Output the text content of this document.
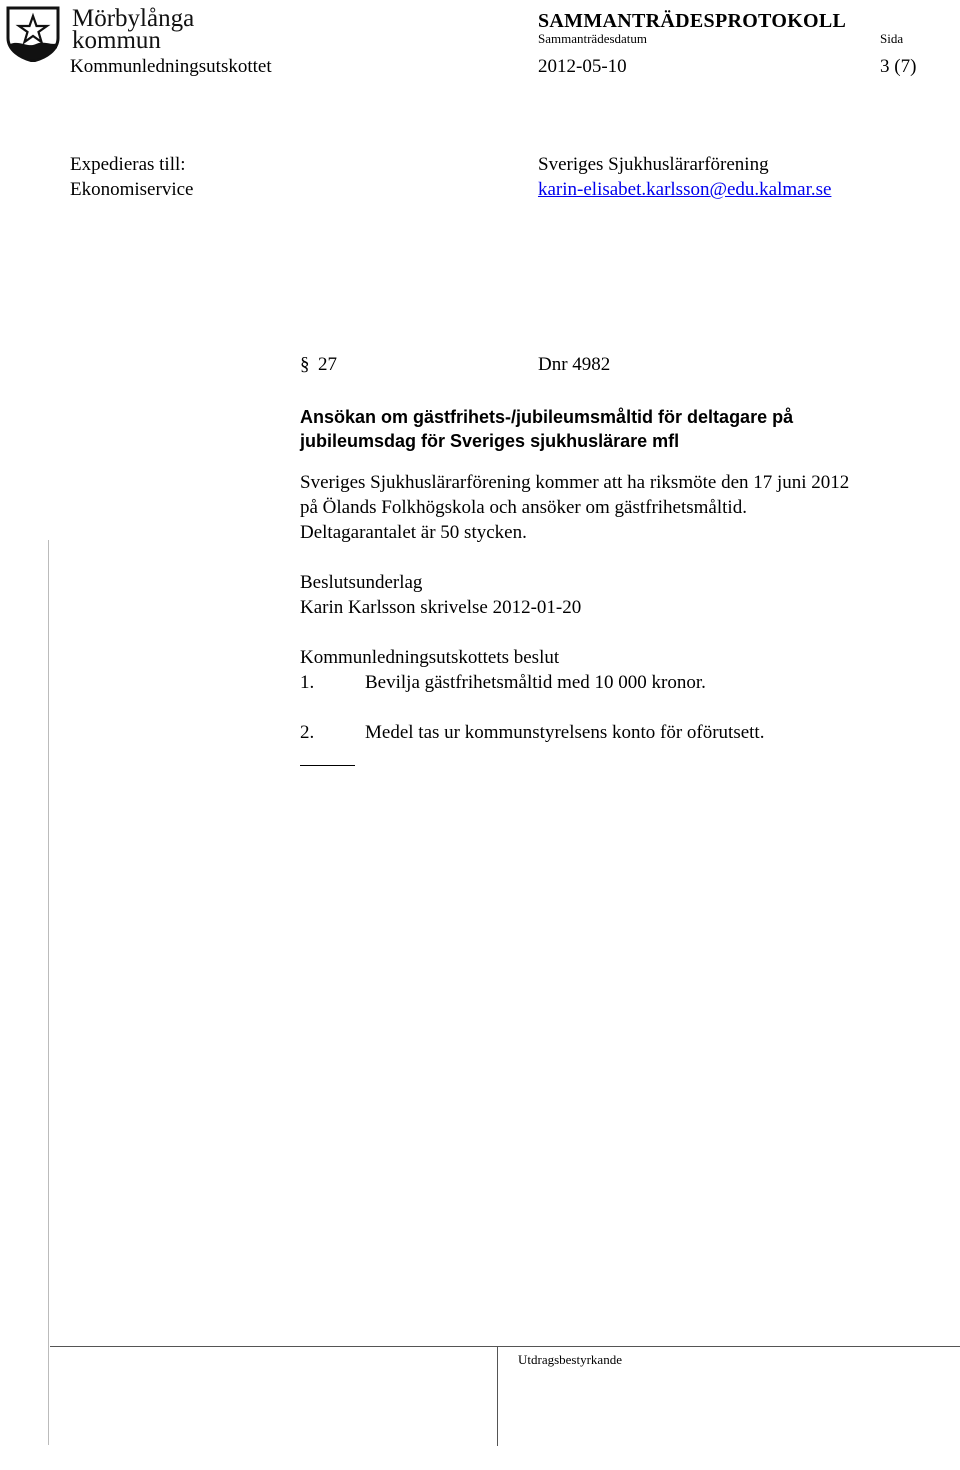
Mörbylånga
kommun
SAMMANTRÄDESPROTOKOLL
Sammanträdesdatum	Sida
Kommunledningsutskottet	2012-05-10	3 (7)
Expedieras till:
Ekonomiservice
Sveriges Sjukhuslärarförening
karin-elisabet.karlsson@edu.kalmar.se
§ 27	Dnr 4982
Ansökan om gästfrihets-/jubileumsmåltid för deltagare på
jubileumsdag för Sveriges sjukhuslärare mfl
Sveriges Sjukhuslärarförening kommer att ha riksmöte den 17 juni 2012
på Ölands Folkhögskola och ansöker om gästfrihetsmåltid.
Deltagarantalet är 50 stycken.
Beslutsunderlag
Karin Karlsson skrivelse 2012-01-20
Kommunledningsutskottets beslut
1.	Bevilja gästfrihetsmåltid med 10 000 kronor.
2.	Medel tas ur kommunstyrelsens konto för oförutsett.
Utdragsbestyrkande
